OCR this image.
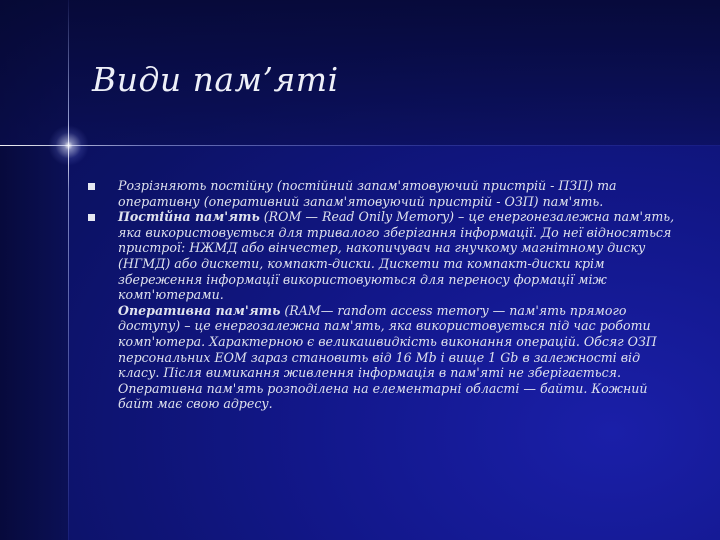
Види пам’яті
Розрізняють постійну (постійний запам'ятовуючий пристрій - ПЗП) та оперативну (оперативний запам'ятовуючий пристрій - ОЗП) пам'ять.
Постійна пам'ять (ROM — Read Onily Memory) – це енергонезалежна пам'ять, яка використовується для тривалого зберігання інформації. До неї відносяться пристрої: НЖМД або вінчестер, накопичувач на гнучкому магнітному диску (НГМД) або дискети, компакт-диски. Дискети та компакт-диски крім збереження інформації використовуються для переносу формації між комп'ютерами.
Оперативна пам'ять (RAM— random access memory — пам'ять прямого доступу) – це енергозалежна пам'ять, яка використовується під час роботи комп'ютера. Характерною є великашвидкість виконання операцій. Обсяг ОЗП персональних ЕОМ зараз становить від 16 Mb і вище 1 Gb в залежності від класу. Після вимикання живлення інформація в пам'яті не зберігається. Оперативна пам'ять розподілена на елементарні області — байти. Кожний байт має свою адресу.
